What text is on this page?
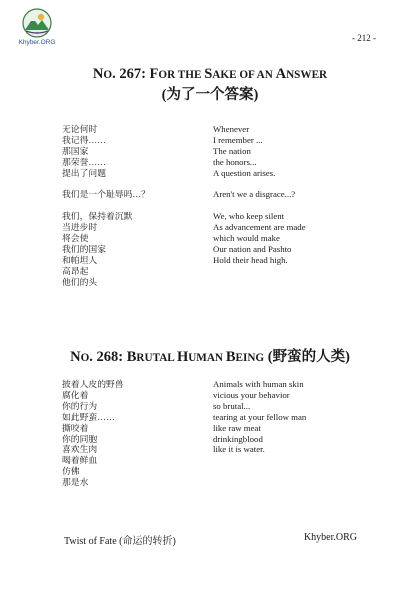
Khyber.ORG	- 212 -
NO. 267: FOR THE SAKE OF AN ANSWER
(为了一个答案)
无论何时
我记得……
那国家
那荣誉……
提出了问题
我们是一个耻辱吗…？
我们，保持着沉默
当进步时
将会使
我们的国家
和帕坦人
高昂起
他们的头
Whenever
I remember ...
The nation
the honors...
A question arises.
Aren't we a disgrace...?
We, who keep silent
As advancement are made
which would make
Our nation and Pashto
Hold their head high.
NO. 268: BRUTAL HUMAN BEING (野蛮的人类)
披着人皮的野兽
腐化着
你的行为
如此野蛮……
撕咬着
你的同胞
喜欢生肉
喝着鲜血
仿佛
那是水
Animals with human skin
vicious your behavior
so brutal...
tearing at your fellow man
like raw meat
drinkingblood
like it is water.
Twist of Fate (命运的转折)	Khyber.ORG
